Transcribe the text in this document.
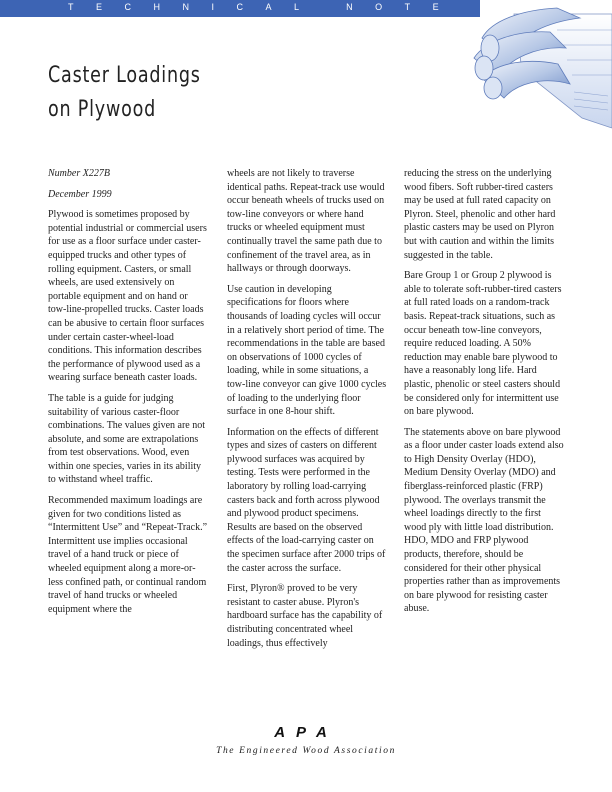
TECHNICAL NOTE
Caster Loadings
on Plywood
Number X227B
December 1999

Plywood is sometimes proposed by potential industrial or commercial users for use as a floor surface under caster-equipped trucks and other types of rolling equipment. Casters, or small wheels, are used extensively on portable equipment and on hand or tow-line-propelled trucks. Caster loads can be abusive to certain floor surfaces under certain caster-wheel-load conditions. This information describes the performance of plywood used as a wearing surface beneath caster loads.

The table is a guide for judging suitability of various caster-floor combinations. The values given are not absolute, and some are extrapolations from test observations. Wood, even within one species, varies in its ability to withstand wheel traffic.

Recommended maximum loadings are given for two conditions listed as “Intermittent Use” and “Repeat-Track.” Intermittent use implies occasional travel of a hand truck or piece of wheeled equipment along a more-or-less confined path, or continual random travel of hand trucks or wheeled equipment where the

wheels are not likely to traverse identical paths. Repeat-track use would occur beneath wheels of trucks used on tow-line conveyors or where hand trucks or wheeled equipment must continually travel the same path due to confinement of the travel area, as in hallways or through doorways.

Use caution in developing specifications for floors where thousands of loading cycles will occur in a relatively short period of time. The recommendations in the table are based on observations of 1000 cycles of loading, while in some situations, a tow-line conveyor can give 1000 cycles of loading to the underlying floor surface in one 8-hour shift.

Information on the effects of different types and sizes of casters on different plywood surfaces was acquired by testing. Tests were performed in the laboratory by rolling load-carrying casters back and forth across plywood and plywood product specimens. Results are based on the observed effects of the load-carrying caster on the specimen surface after 2000 trips of the caster across the surface.

First, Plyron® proved to be very resistant to caster abuse. Plyron's hardboard surface has the capability of distributing concentrated wheel loadings, thus effectively

reducing the stress on the underlying wood fibers. Soft rubber-tired casters may be used at full rated capacity on Plyron. Steel, phenolic and other hard plastic casters may be used on Plyron but with caution and within the limits suggested in the table.

Bare Group 1 or Group 2 plywood is able to tolerate soft-rubber-tired casters at full rated loads on a random-track basis. Repeat-track situations, such as occur beneath tow-line conveyors, require reduced loading. A 50% reduction may enable bare plywood to have a reasonably long life. Hard plastic, phenolic or steel casters should be considered only for intermittent use on bare plywood.

The statements above on bare plywood as a floor under caster loads extend also to High Density Overlay (HDO), Medium Density Overlay (MDO) and fiberglass-reinforced plastic (FRP) plywood. The overlays transmit the wheel loadings directly to the first wood ply with little load distribution. HDO, MDO and FRP plywood products, therefore, should be considered for their other physical properties rather than as improvements on bare plywood for resisting caster abuse.

APA
The Engineered Wood Association
